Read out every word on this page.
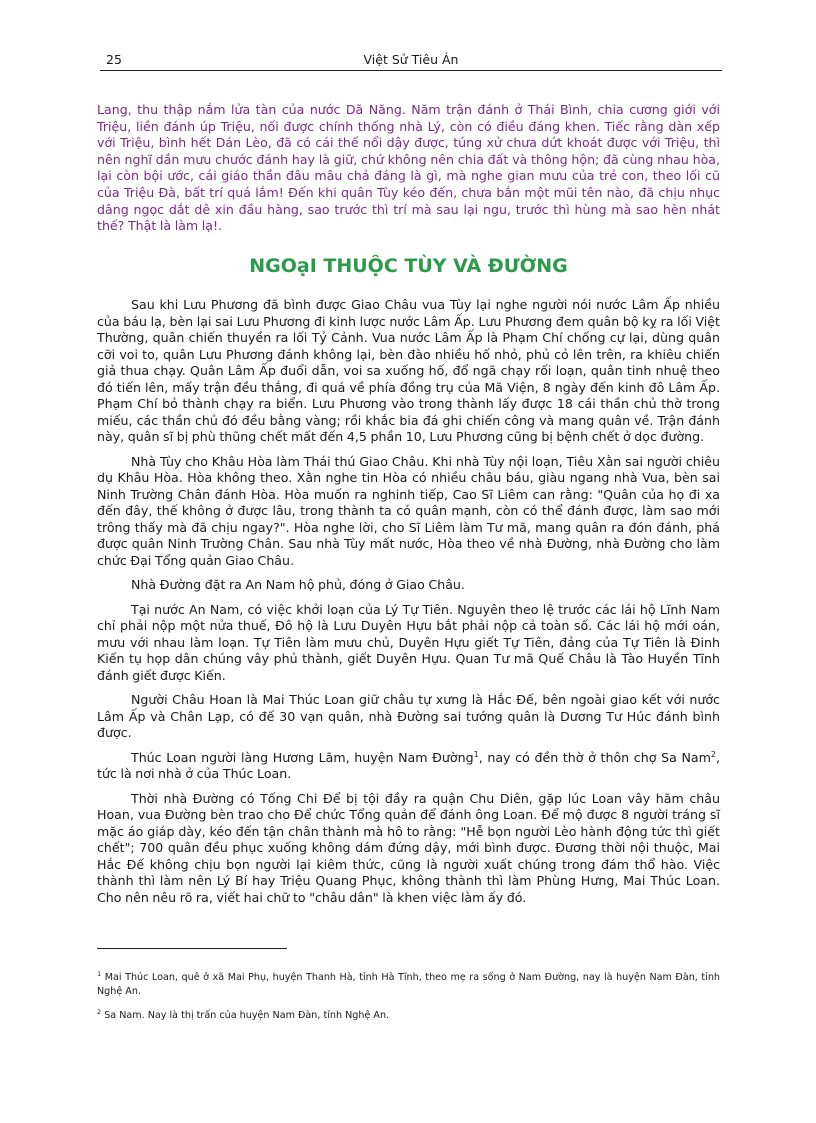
25	Việt Sử Tiêu Án
Lang, thu thập nắm lửa tàn của nước Dã Năng. Năm trận đánh ở Thái Bình, chia cương giới với Triệu, liền đánh úp Triệu, nối được chính thống nhà Lý, còn có điều đáng khen. Tiếc rằng dàn xếp với Triệu, bình hết Dán Lèo, đã có cái thế nổi dậy được, túng xử chưa dứt khoát được với Triệu, thì nên nghĩ dần mưu chước đánh hay là giữ, chứ không nên chia đất và thông hộn; đã cùng nhau hòa, lại còn bội ước, cái giáo thần đâu mâu chả đáng là gì, mà nghe gian mưu của trẻ con, theo lối cũ của Triệu Đà, bất trí quá lắm! Đến khi quân Tùy kéo đến, chưa bắn một mũi tên nào, đã chịu nhục dâng ngọc dắt dê xin đầu hàng, sao trước thì trí mà sau lại ngu, trước thì hùng mà sao hèn nhát thế? Thật là làm lạ!.
NGOạI THUỘC TÙY VÀ ĐƯỜNG

Sau khi Lưu Phương đã bình được Giao Châu vua Tùy lại nghe người nói nước Lâm Ấp nhiều của báu lạ, bèn lại sai Lưu Phương đi kinh lược nước Lâm Ấp. Lưu Phương đem quân bộ kỵ ra lối Việt Thường, quân chiến thuyền ra lối Tỷ Cảnh. Vua nước Lâm Ấp là Phạm Chí chống cự lại, dùng quân cỡi voi to, quân Lưu Phương đánh không lại, bèn đào nhiều hố nhỏ, phủ cỏ lên trên, ra khiêu chiến giả thua chạy. Quân Lâm Ấp đuổi dẫn, voi sa xuống hố, đổ ngã chạy rối loạn, quân tinh nhuệ theo đó tiến lên, mấy trận đều thắng, đi quá về phía đồng trụ của Mã Viện, 8 ngày đến kinh đô Lâm Ấp. Phạm Chí bỏ thành chạy ra biển. Lưu Phương vào trong thành lấy được 18 cái thần chủ thờ trong miếu, các thần chủ đó đều bằng vàng; rồi khắc bia đá ghi chiến công và mang quân về. Trận đánh này, quân sĩ bị phù thũng chết mất đến 4,5 phần 10, Lưu Phương cũng bị bệnh chết ở dọc đường.

Nhà Tùy cho Khâu Hòa làm Thái thú Giao Châu. Khi nhà Tùy nội loạn, Tiêu Xằn sai người chiêu dụ Khâu Hòa. Hòa không theo. Xằn nghe tin Hòa có nhiều châu báu, giàu ngang nhà Vua, bèn sai Ninh Trường Chân đánh Hòa. Hòa muốn ra nghinh tiếp, Cao Sĩ Liêm can rằng: "Quân của họ đi xa đến đây, thế không ở được lâu, trong thành ta có quân mạnh, còn có thể đánh được, làm sao mới trông thấy mà đã chịu ngay?". Hòa nghe lời, cho Sĩ Liêm làm Tư mã, mang quân ra đón đánh, phá được quân Ninh Trường Chân. Sau nhà Tùy mất nước, Hòa theo về nhà Đường, nhà Đường cho làm chức Đại Tổng quản Giao Châu.

Nhà Đường đặt ra An Nam hộ phủ, đóng ở Giao Châu.

Tại nước An Nam, có việc khởi loạn của Lý Tự Tiên. Nguyên theo lệ trước các lái hộ Lĩnh Nam chỉ phải nộp một nửa thuế, Đô hộ là Lưu Duyên Hựu bắt phải nộp cả toàn số. Các lái hộ mới oán, mưu với nhau làm loạn. Tự Tiên làm mưu chủ, Duyên Hựu giết Tự Tiên, đảng của Tự Tiên là Đinh Kiến tụ họp dân chúng vây phủ thành, giết Duyên Hựu. Quan Tư mã Quế Châu là Tào Huyền Tĩnh đánh giết được Kiến.

Người Châu Hoan là Mai Thúc Loan giữ châu tự xưng là Hắc Đế, bên ngoài giao kết với nước Lâm Ấp và Chân Lạp, có đế 30 vạn quân, nhà Đường sai tướng quân là Dương Tư Húc đánh bình được.

Thúc Loan người làng Hương Lãm, huyện Nam Đường$^1$, nay có đền thờ ở thôn chợ Sa Nam$^2$, tức là nơi nhà ở của Thúc Loan.

Thời nhà Đường có Tống Chi Để bị tội đầy ra quận Chu Diên, gặp lúc Loan vây hãm châu Hoan, vua Đường bèn trao cho Để chức Tổng quản để đánh ông Loan. Để mộ được 8 người tráng sĩ mặc áo giáp dày, kéo đến tận chân thành mà hô to rằng: "Hễ bọn người Lèo hành động tức thì giết chết"; 700 quân đều phục xuống không dám đứng dậy, mới bình được. Đương thời nội thuộc, Mai Hắc Đế không chịu bọn người lại kiêm thức, cũng là người xuất chúng trong đám thổ hào. Việc thành thì làm nên Lý Bí hay Triệu Quang Phục, không thành thì làm Phùng Hưng, Mai Thúc Loan. Cho nên nêu rõ ra, viết hai chữ to "châu dân" là khen việc làm ấy đó.

$^1$ Mai Thúc Loan, quê ở xã Mai Phụ, huyện Thanh Hà, tỉnh Hà Tĩnh, theo mẹ ra sống ở Nam Đường, nay là huyện Nam Đàn, tỉnh Nghệ An.
$^2$ Sa Nam. Nay là thị trấn của huyện Nam Đàn, tỉnh Nghệ An.
